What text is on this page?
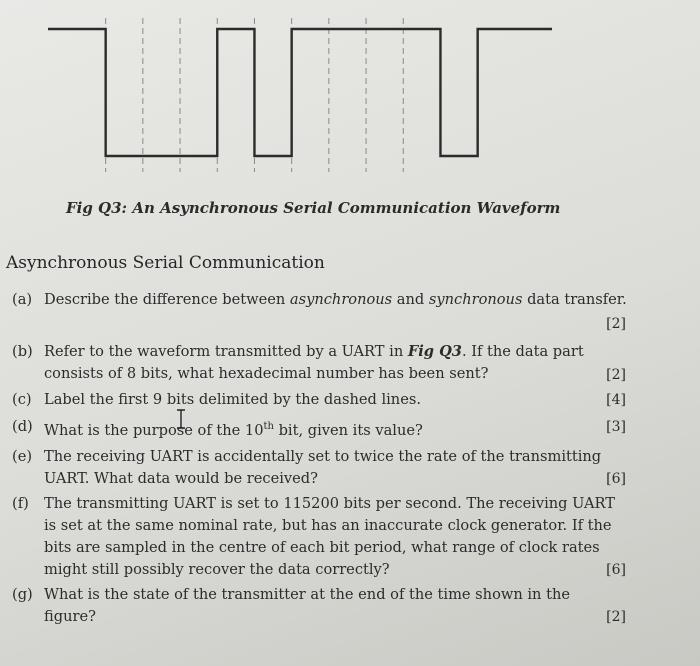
Fig Q3: An Asynchronous Serial Communication Waveform
Asynchronous Serial Communication
(a) Describe the difference between asynchronous and synchronous data transfer.
[2]
(b) Refer to the waveform transmitted by a UART in Fig Q3. If the data part
consists of 8 bits, what hexadecimal number has been sent?	[2]
(c) Label the first 9 bits delimited by the dashed lines.	[4]
(d) What is the purpose of the 10th bit, given its value?	[3]
(e) The receiving UART is accidentally set to twice the rate of the transmitting
UART. What data would be received?	[6]
(f) The transmitting UART is set to 115200 bits per second. The receiving UART
is set at the same nominal rate, but has an inaccurate clock generator. If the
bits are sampled in the centre of each bit period, what range of clock rates
might still possibly recover the data correctly?	[6]
(g) What is the state of the transmitter at the end of the time shown in the
figure?	[2]
